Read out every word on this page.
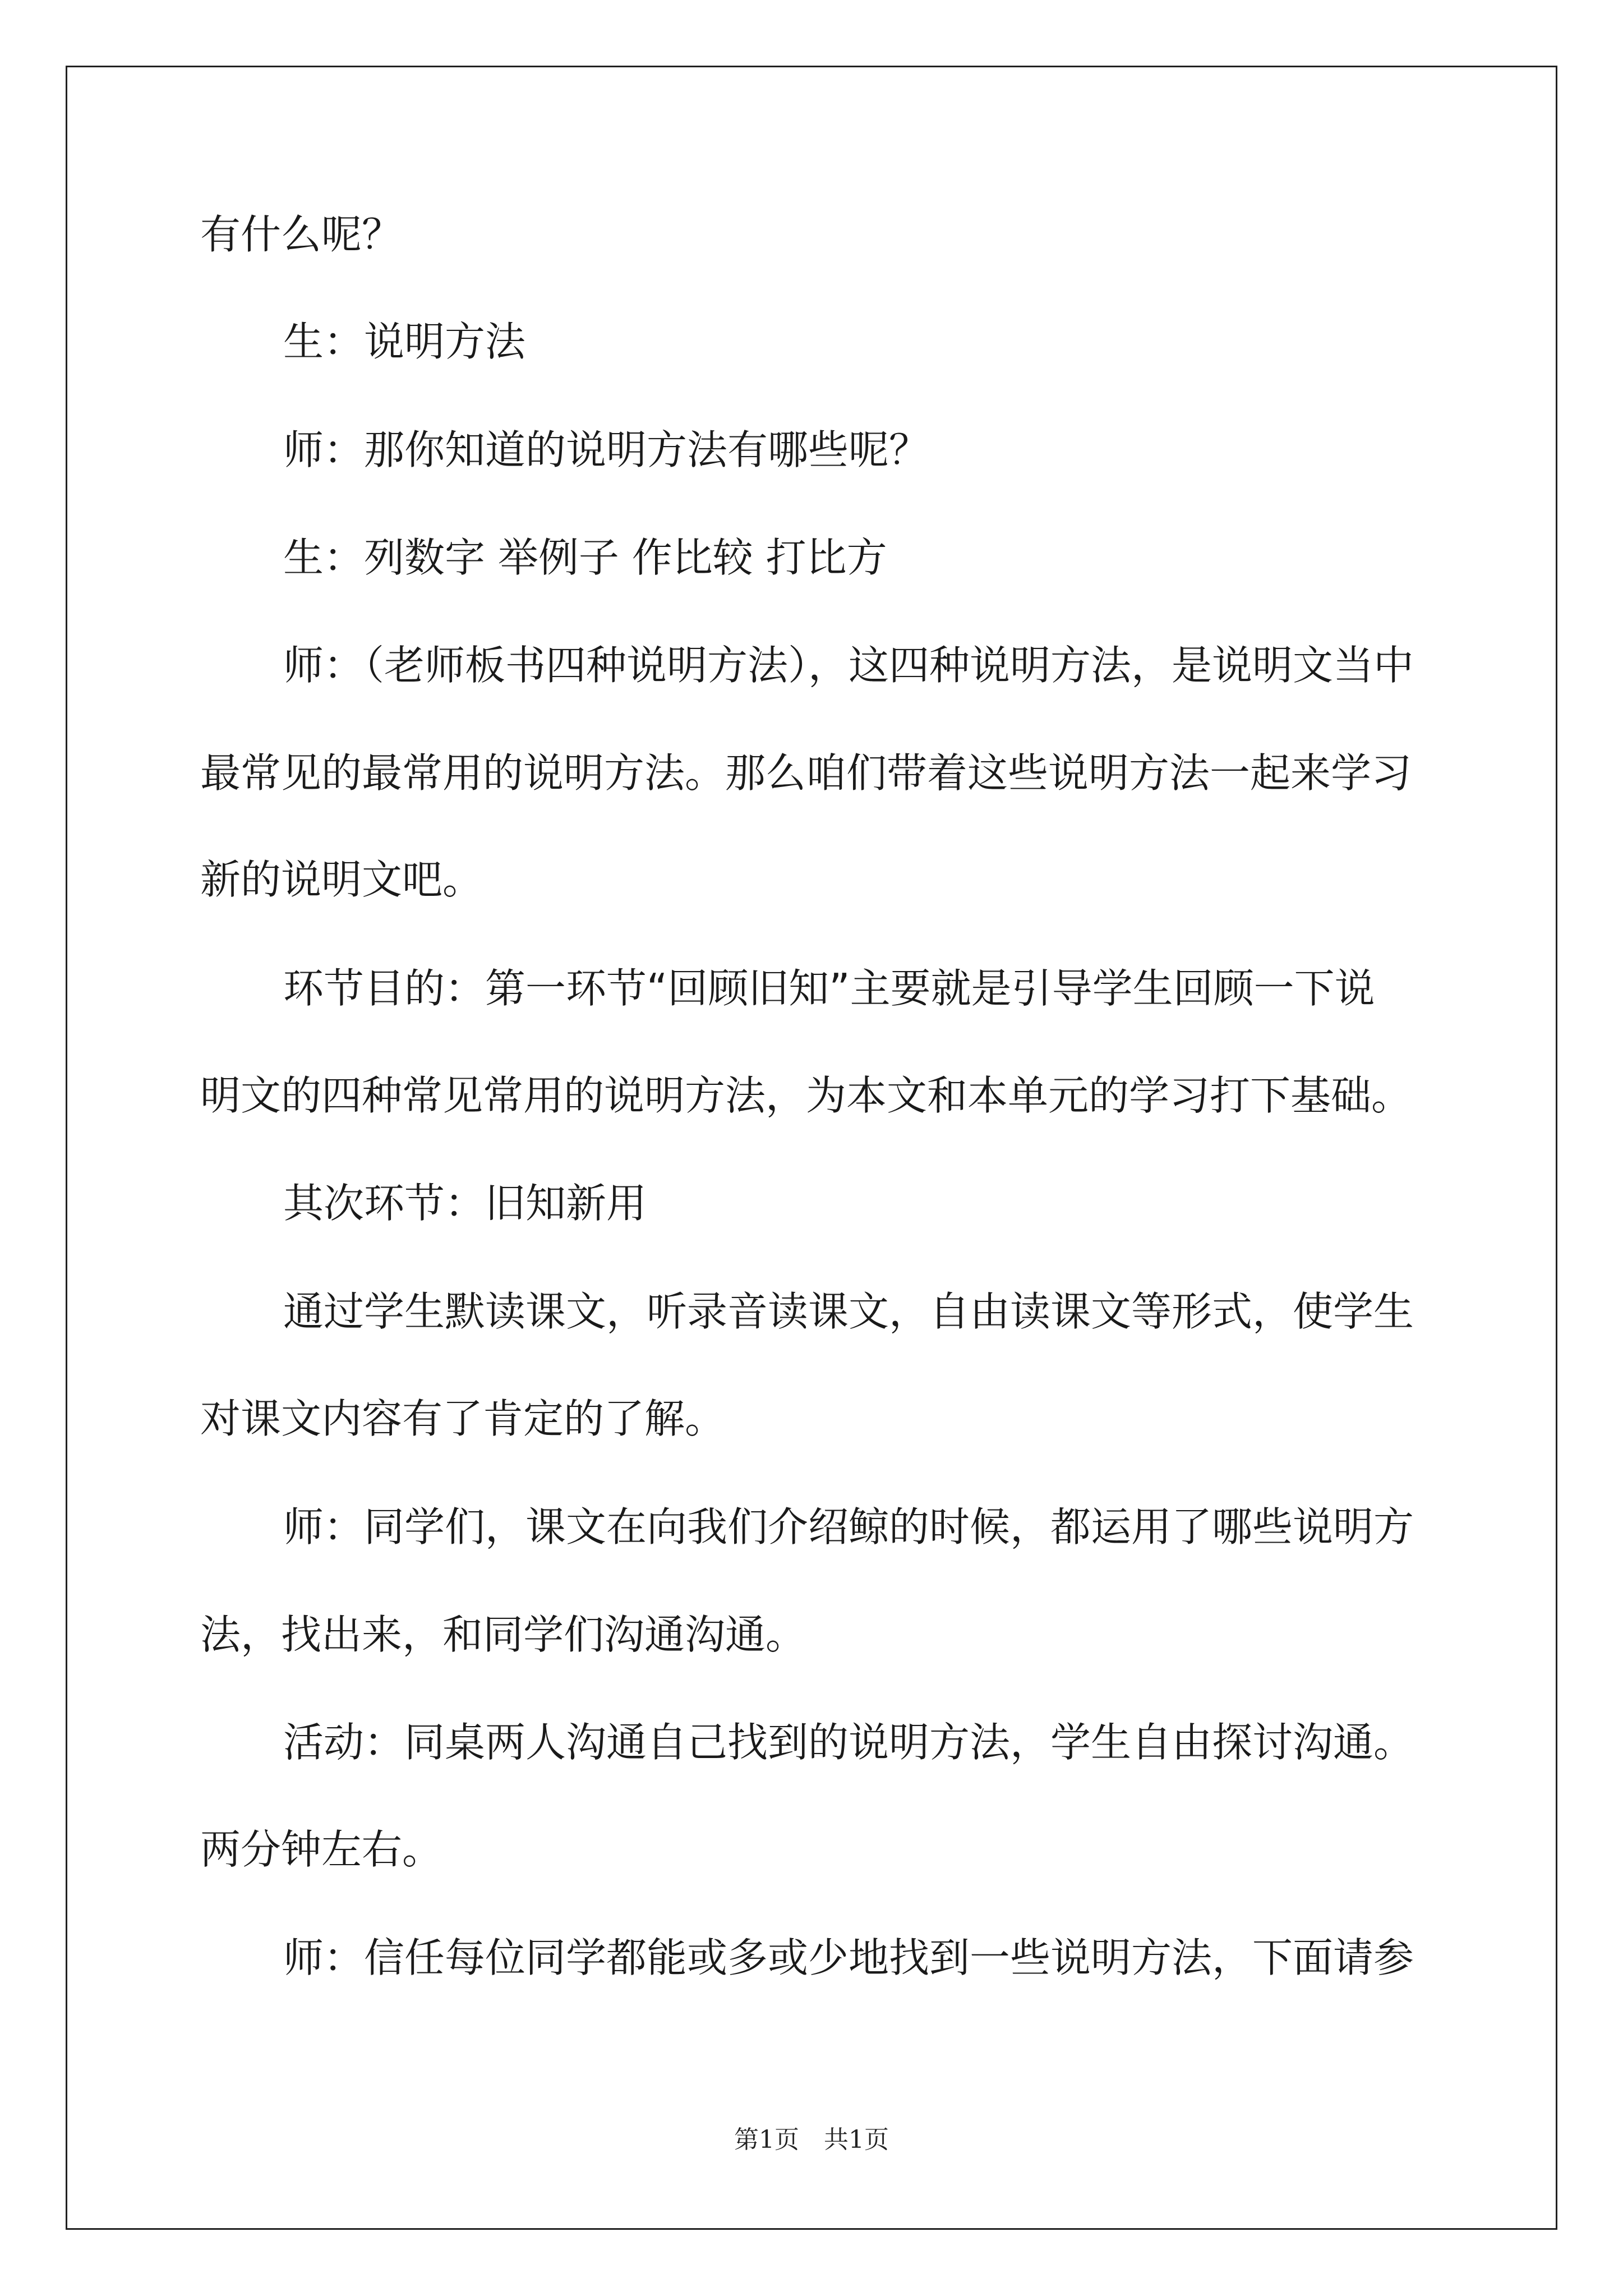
有什么呢？
生：说明方法
师：那你知道的说明方法有哪些呢？
生：列数字 举例子 作比较 打比方
师：（老师板书四种说明方法），这四种说明方法，是说明文当中
最常见的最常用的说明方法。那么咱们带着这些说明方法一起来学习
新的说明文吧。
环节目的：第一环节“回顾旧知”主要就是引导学生回顾一下说
明文的四种常见常用的说明方法，为本文和本单元的学习打下基础。
其次环节：旧知新用
通过学生默读课文，听录音读课文，自由读课文等形式，使学生
对课文内容有了肯定的了解。
师：同学们，课文在向我们介绍鲸的时候，都运用了哪些说明方
法，找出来，和同学们沟通沟通。
活动：同桌两人沟通自己找到的说明方法，学生自由探讨沟通。
两分钟左右。
师：信任每位同学都能或多或少地找到一些说明方法，下面请参
第1页　共1页
